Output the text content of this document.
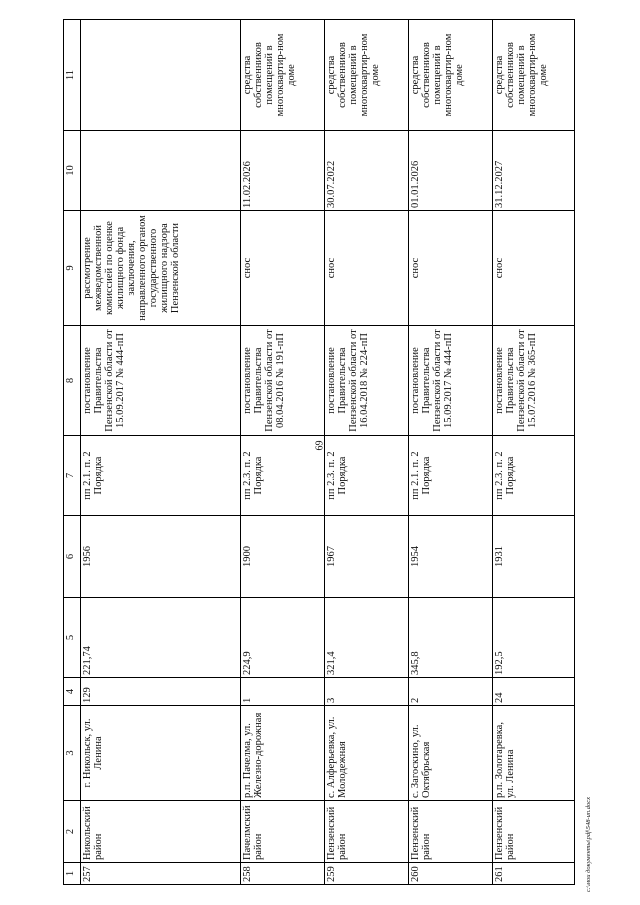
69
1	2	3	4	5	6	7	8	9	10	11
257	Никольский район	г. Никольск, ул. Ленина	129	221,74	1956	пп 2.1. п. 2 Порядка	постановление Правительства Пензенской области от 15.09.2017 № 444-пП	рассмотрение межведомственной комиссией по оценке жилищного фонда заключения, направленного органом государственного жилищного надзора Пензенской области		
258	Пачелмский район	р.п. Пачелма, ул. Железно-дорожная	1	224,9	1900	пп 2.3. п. 2 Порядка	постановление Правительства Пензенской области от 08.04.2016 № 191-пП	снос	11.02.2026	средства собственников помещений в многоквартир-ном доме
259	Пензенский район	с. Алферьевка, ул. Молодежная	3	321,4	1967	пп 2.3. п. 2 Порядка	постановление Правительства Пензенской области от 16.04.2018 № 224-пП	снос	30.07.2022	средства собственников помещений в многоквартир-ном доме
260	Пензенский район	с. Загоскино, ул. Октябрьская	2	345,8	1954	пп 2.1. п. 2 Порядка	постановление Правительства Пензенской области от 15.09.2017 № 444-пП	снос	01.01.2026	средства собственников помещений в многоквартир-ном доме
261	Пензенский район	р.п. Золотаревка, ул. Ленина	24	192,5	1931	пп 2.3. п. 2 Порядка	постановление Правительства Пензенской области от 15.07.2016 № 365-пП	снос	31.12.2027	средства собственников помещений в многоквартир-ном доме
c:\мои документы\pdf\548-ип.docx
